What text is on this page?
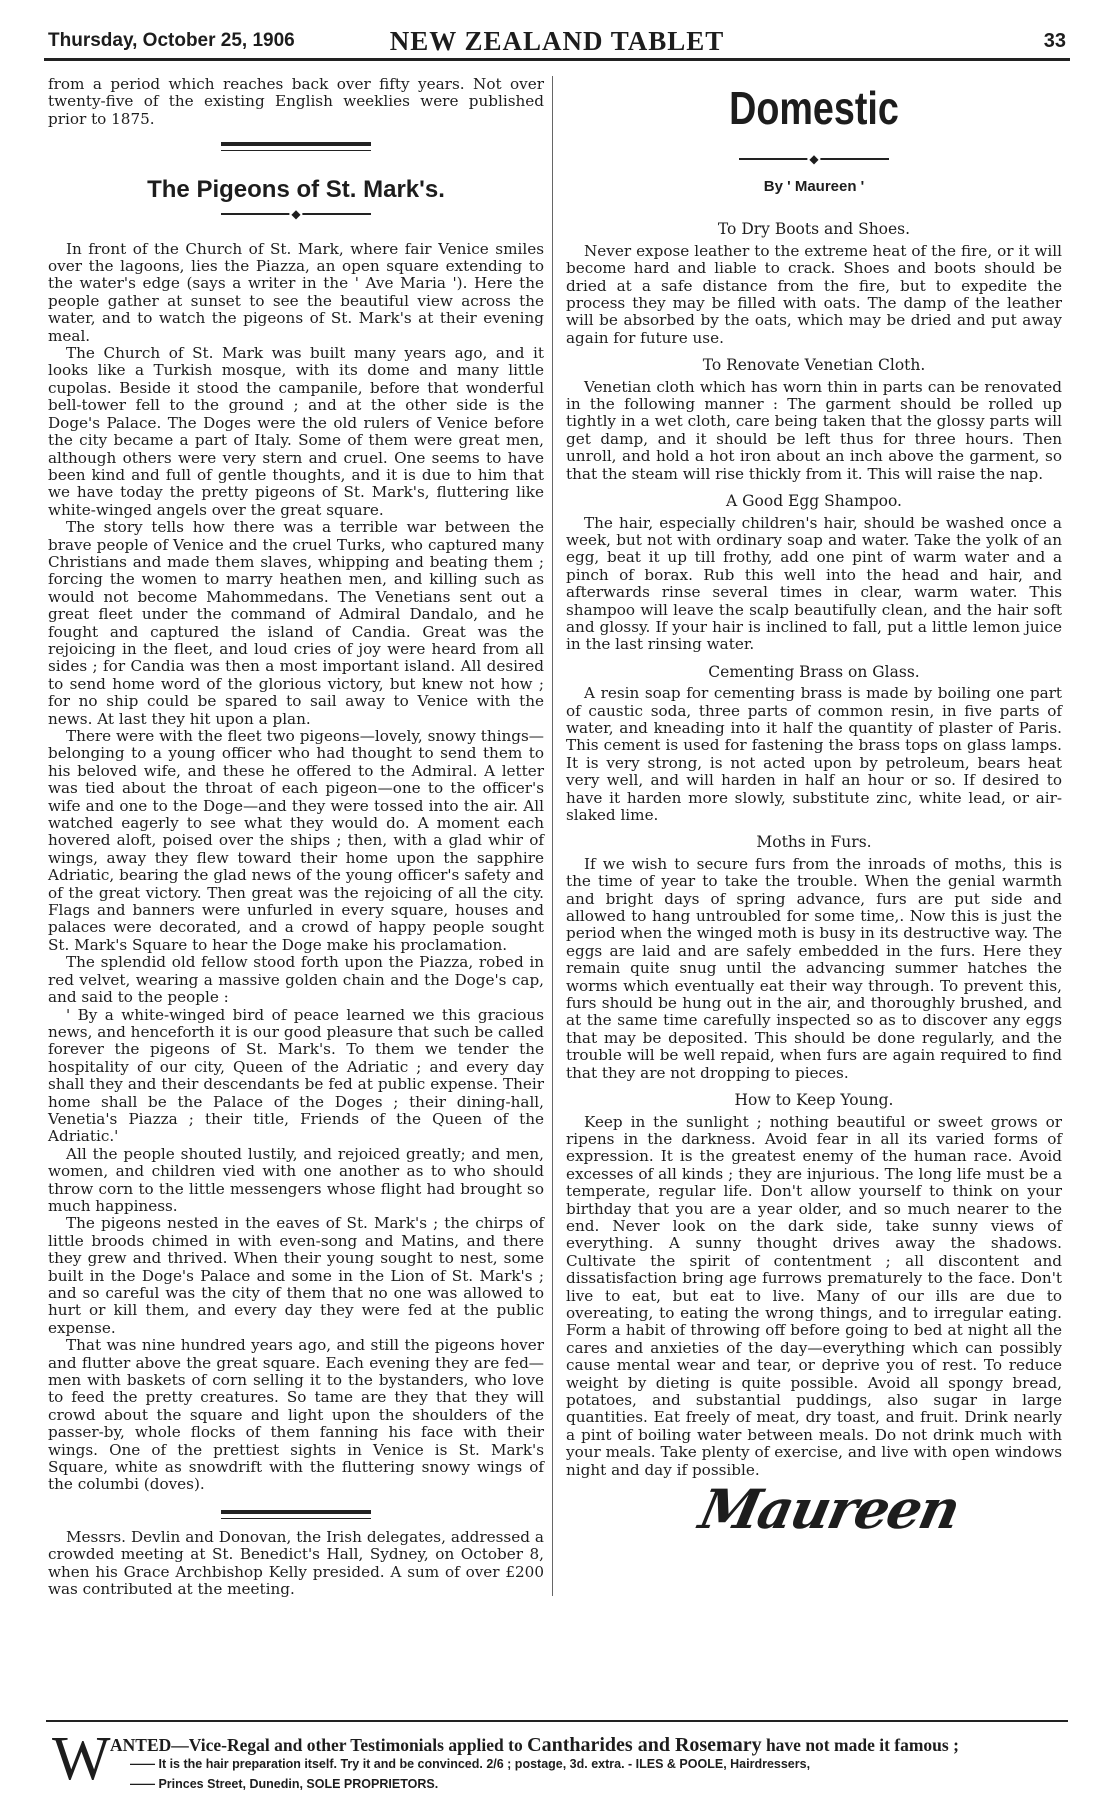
Thursday, October 25, 1906	NEW ZEALAND TABLET	33

from a period which reaches back over fifty years. Not over twenty-five of the existing English weeklies were published prior to 1875.

The Pigeons of St. Mark's.
◆

In front of the Church of St. Mark, where fair Venice smiles over the lagoons, lies the Piazza, an open square extending to the water's edge (says a writer in the ' Ave Maria '). Here the people gather at sunset to see the beautiful view across the water, and to watch the pigeons of St. Mark's at their evening meal.

The Church of St. Mark was built many years ago, and it looks like a Turkish mosque, with its dome and many little cupolas. Beside it stood the campanile, before that wonderful bell-tower fell to the ground ; and at the other side is the Doge's Palace. The Doges were the old rulers of Venice before the city became a part of Italy. Some of them were great men, although others were very stern and cruel. One seems to have been kind and full of gentle thoughts, and it is due to him that we have today the pretty pigeons of St. Mark's, fluttering like white-winged angels over the great square.

The story tells how there was a terrible war between the brave people of Venice and the cruel Turks, who captured many Christians and made them slaves, whipping and beating them ; forcing the women to marry heathen men, and killing such as would not become Mahommedans. The Venetians sent out a great fleet under the command of Admiral Dandalo, and he fought and captured the island of Candia. Great was the rejoicing in the fleet, and loud cries of joy were heard from all sides ; for Candia was then a most important island. All desired to send home word of the glorious victory, but knew not how ; for no ship could be spared to sail away to Venice with the news. At last they hit upon a plan.

There were with the fleet two pigeons—lovely, snowy things—belonging to a young officer who had thought to send them to his beloved wife, and these he offered to the Admiral. A letter was tied about the throat of each pigeon—one to the officer's wife and one to the Doge—and they were tossed into the air. All watched eagerly to see what they would do. A moment each hovered aloft, poised over the ships ; then, with a glad whir of wings, away they flew toward their home upon the sapphire Adriatic, bearing the glad news of the young officer's safety and of the great victory. Then great was the rejoicing of all the city. Flags and banners were unfurled in every square, houses and palaces were decorated, and a crowd of happy people sought St. Mark's Square to hear the Doge make his proclamation.

The splendid old fellow stood forth upon the Piazza, robed in red velvet, wearing a massive golden chain and the Doge's cap, and said to the people :

' By a white-winged bird of peace learned we this gracious news, and henceforth it is our good pleasure that such be called forever the pigeons of St. Mark's. To them we tender the hospitality of our city, Queen of the Adriatic ; and every day shall they and their descendants be fed at public expense. Their home shall be the Palace of the Doges ; their dining-hall, Venetia's Piazza ; their title, Friends of the Queen of the Adriatic.'

All the people shouted lustily, and rejoiced greatly; and men, women, and children vied with one another as to who should throw corn to the little messengers whose flight had brought so much happiness.

The pigeons nested in the eaves of St. Mark's ; the chirps of little broods chimed in with even-song and Matins, and there they grew and thrived. When their young sought to nest, some built in the Doge's Palace and some in the Lion of St. Mark's ; and so careful was the city of them that no one was allowed to hurt or kill them, and every day they were fed at the public expense.

That was nine hundred years ago, and still the pigeons hover and flutter above the great square. Each evening they are fed—men with baskets of corn selling it to the bystanders, who love to feed the pretty creatures. So tame are they that they will crowd about the square and light upon the shoulders of the passer-by, whole flocks of them fanning his face with their wings. One of the prettiest sights in Venice is St. Mark's Square, white as snowdrift with the fluttering snowy wings of the columbi (doves).

Messrs. Devlin and Donovan, the Irish delegates, addressed a crowded meeting at St. Benedict's Hall, Sydney, on October 8, when his Grace Archbishop Kelly presided. A sum of over £200 was contributed at the meeting.

Domestic
◆
By ' Maureen '
To Dry Boots and Shoes.

Never expose leather to the extreme heat of the fire, or it will become hard and liable to crack. Shoes and boots should be dried at a safe distance from the fire, but to expedite the process they may be filled with oats. The damp of the leather will be absorbed by the oats, which may be dried and put away again for future use.

To Renovate Venetian Cloth.

Venetian cloth which has worn thin in parts can be renovated in the following manner : The garment should be rolled up tightly in a wet cloth, care being taken that the glossy parts will get damp, and it should be left thus for three hours. Then unroll, and hold a hot iron about an inch above the garment, so that the steam will rise thickly from it. This will raise the nap.

A Good Egg Shampoo.

The hair, especially children's hair, should be washed once a week, but not with ordinary soap and water. Take the yolk of an egg, beat it up till frothy, add one pint of warm water and a pinch of borax. Rub this well into the head and hair, and afterwards rinse several times in clear, warm water. This shampoo will leave the scalp beautifully clean, and the hair soft and glossy. If your hair is inclined to fall, put a little lemon juice in the last rinsing water.

Cementing Brass on Glass.

A resin soap for cementing brass is made by boiling one part of caustic soda, three parts of common resin, in five parts of water, and kneading into it half the quantity of plaster of Paris. This cement is used for fastening the brass tops on glass lamps. It is very strong, is not acted upon by petroleum, bears heat very well, and will harden in half an hour or so. If desired to have it harden more slowly, substitute zinc, white lead, or air-slaked lime.

Moths in Furs.

If we wish to secure furs from the inroads of moths, this is the time of year to take the trouble. When the genial warmth and bright days of spring advance, furs are put side and allowed to hang untroubled for some time,. Now this is just the period when the winged moth is busy in its destructive way. The eggs are laid and are safely embedded in the furs. Here they remain quite snug until the advancing summer hatches the worms which eventually eat their way through. To prevent this, furs should be hung out in the air, and thoroughly brushed, and at the same time carefully inspected so as to discover any eggs that may be deposited. This should be done regularly, and the trouble will be well repaid, when furs are again required to find that they are not dropping to pieces.

How to Keep Young.

Keep in the sunlight ; nothing beautiful or sweet grows or ripens in the darkness. Avoid fear in all its varied forms of expression. It is the greatest enemy of the human race. Avoid excesses of all kinds ; they are injurious. The long life must be a temperate, regular life. Don't allow yourself to think on your birthday that you are a year older, and so much nearer to the end. Never look on the dark side, take sunny views of everything. A sunny thought drives away the shadows. Cultivate the spirit of contentment ; all discontent and dissatisfaction bring age furrows prematurely to the face. Don't live to eat, but eat to live. Many of our ills are due to overeating, to eating the wrong things, and to irregular eating. Form a habit of throwing off before going to bed at night all the cares and anxieties of the day—everything which can possibly cause mental wear and tear, or deprive you of rest. To reduce weight by dieting is quite possible. Avoid all spongy bread, potatoes, and substantial puddings, also sugar in large quantities. Eat freely of meat, dry toast, and fruit. Drink nearly a pint of boiling water between meals. Do not drink much with your meals. Take plenty of exercise, and live with open windows night and day if possible.

Maureen
W ANTED—Vice-Regal and other Testimonials applied to Cantharides and Rosemary have not made it famous ;
—— It is the hair preparation itself. Try it and be convinced. 2/6 ; postage, 3d. extra. - ILES & POOLE, Hairdressers,
—— Princes Street, Dunedin, SOLE PROPRIETORS.
